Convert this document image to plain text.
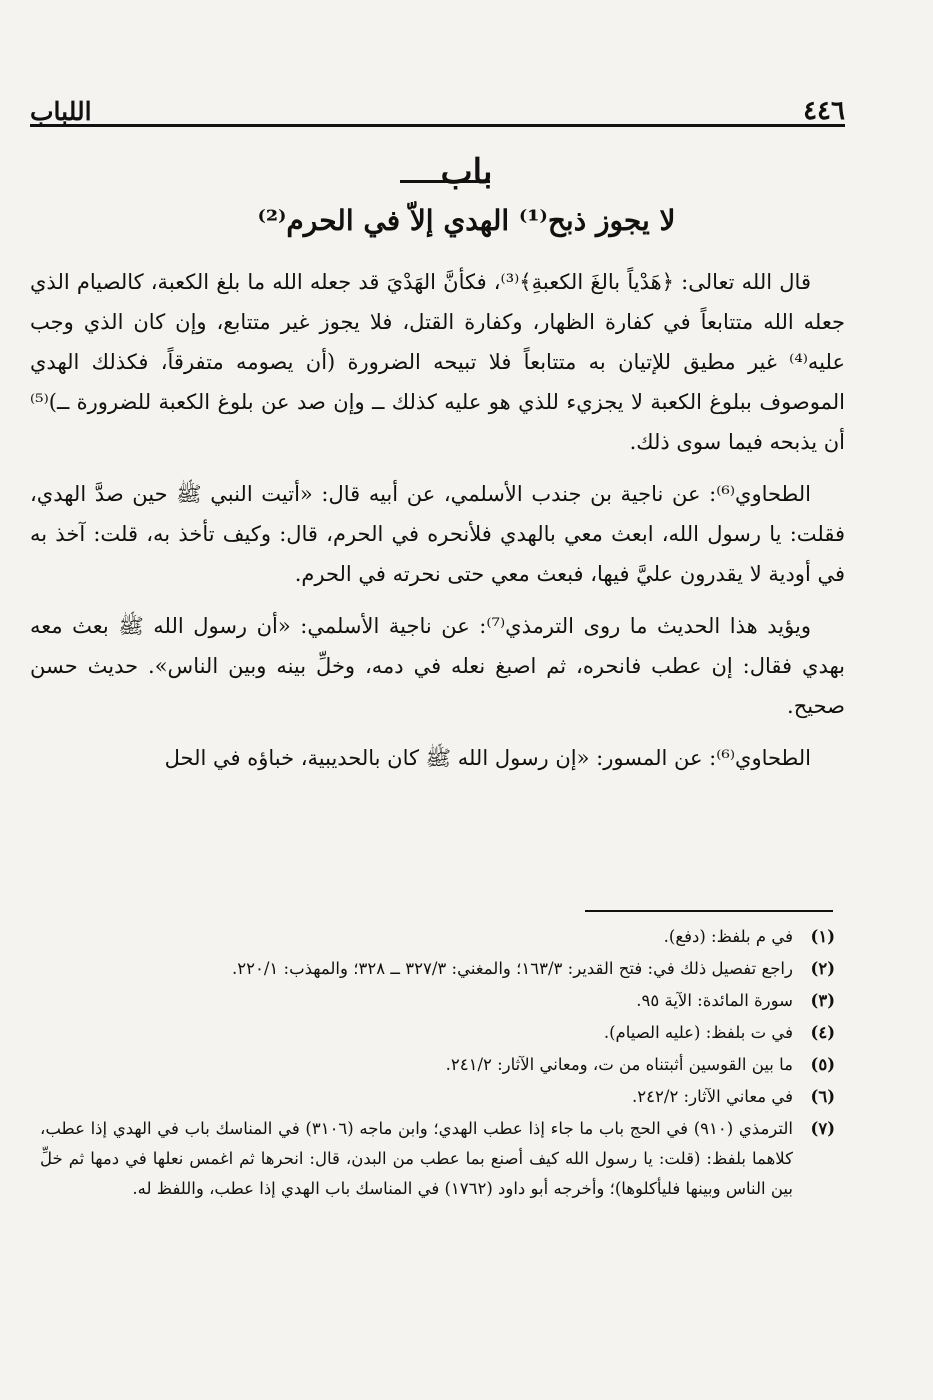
٤٤٦
اللباب
باب
لا يجوز ذبح⁽¹⁾ الهدي إلاّ في الحرم⁽²⁾

قال الله تعالى: ﴿هَدْياً بالغَ الكعبةِ﴾⁽³⁾، فكأنَّ الهَدْيَ قد جعله الله ما بلغ الكعبة، كالصيام الذي جعله الله متتابعاً في كفارة الظهار، وكفارة القتل، فلا يجوز غير متتابع، وإن كان الذي وجب عليه⁽⁴⁾ غير مطيق للإتيان به متتابعاً فلا تبيحه الضرورة (أن يصومه متفرقاً، فكذلك الهدي الموصوف ببلوغ الكعبة لا يجزيء للذي هو عليه كذلك ــ وإن صد عن بلوغ الكعبة للضرورة ــ)⁽⁵⁾ أن يذبحه فيما سوى ذلك.

الطحاوي⁽⁶⁾: عن ناجية بن جندب الأسلمي، عن أبيه قال: «أتيت النبي ﷺ حين صدَّ الهدي، فقلت: يا رسول الله، ابعث معي بالهدي فلأنحره في الحرم، قال: وكيف تأخذ به، قلت: آخذ به في أودية لا يقدرون عليَّ فيها، فبعث معي حتى نحرته في الحرم.

ويؤيد هذا الحديث ما روى الترمذي⁽⁷⁾: عن ناجية الأسلمي: «أن رسول الله ﷺ بعث معه بهدي فقال: إن عطب فانحره، ثم اصبغ نعله في دمه، وخلِّ بينه وبين الناس». حديث حسن صحيح.

الطحاوي⁽⁶⁾: عن المسور: «إن رسول الله ﷺ كان بالحديبية، خباؤه في الحل

(١)
في م بلفظ: (دفع).
(٢)
راجع تفصيل ذلك في: فتح القدير: ١٦٣/٣؛ والمغني: ٣٢٧/٣ ــ ٣٢٨؛ والمهذب: ٢٢٠/١.
(٣)
سورة المائدة: الآية ٩٥.
(٤)
في ت بلفظ: (عليه الصيام).
(٥)
ما بين القوسين أثبتناه من ت، ومعاني الآثار: ٢٤١/٢.
(٦)
في معاني الآثار: ٢٤٢/٢.
(٧)
الترمذي (٩١٠) في الحج باب ما جاء إذا عطب الهدي؛ وابن ماجه (٣١٠٦) في المناسك باب في الهدي إذا عطب، كلاهما بلفظ: (قلت: يا رسول الله كيف أصنع بما عطب من البدن، قال: انحرها ثم اغمس نعلها في دمها ثم خلِّ بين الناس وبينها فليأكلوها)؛ وأخرجه أبو داود (١٧٦٢) في المناسك باب الهدي إذا عطب، واللفظ له.
